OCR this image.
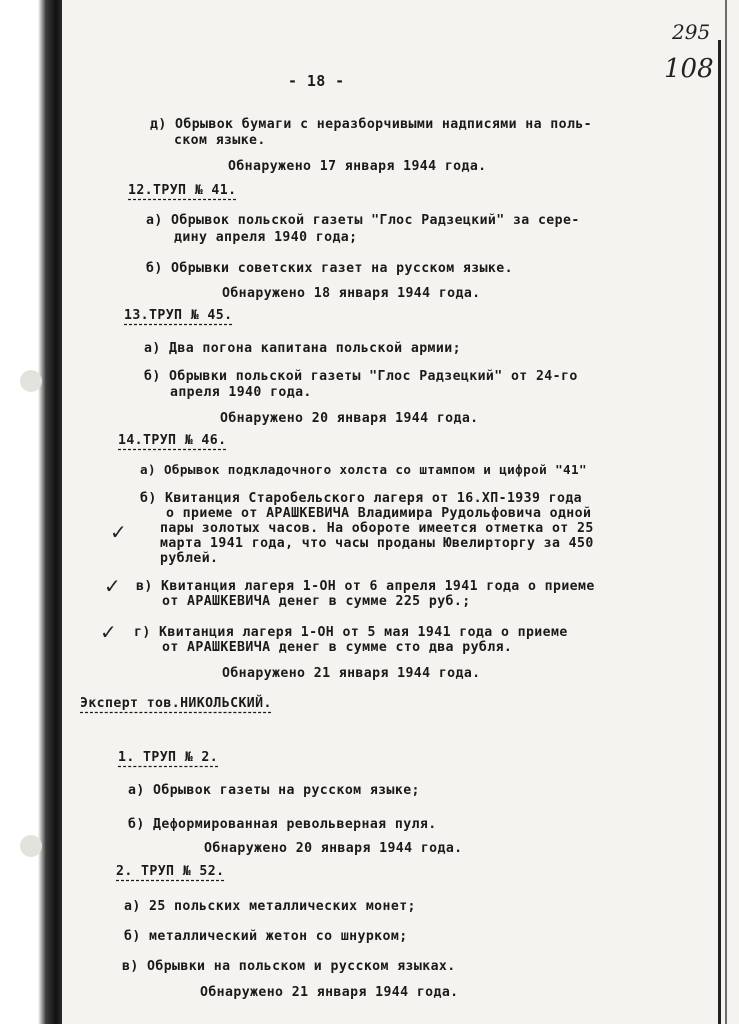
295
108
- 18 -
д) Обрывок бумаги с неразборчивыми надписями на поль-
ском языке.
Обнаружено 17 января 1944 года.
12.ТРУП № 41.
а) Обрывок польской газеты "Глос Радзецкий" за сере-
дину апреля 1940 года;
б) Обрывки советских газет на русском языке.
Обнаружено 18 января 1944 года.
13.ТРУП № 45.
а) Два погона капитана польской армии;
б) Обрывки польской газеты "Глос Радзецкий" от 24-го
апреля 1940 года.
Обнаружено 20 января 1944 года.
14.ТРУП № 46.
а) Обрывок подкладочного холста со штампом и цифрой "41"
б) Квитанция Старобельского лагеря от 16.ХП-1939 года
о приеме от АРАШКЕВИЧА Владимира Рудольфовича одной
пары золотых часов. На обороте имеется отметка от 25
марта 1941 года, что часы проданы Ювелирторгу за 450
рублей.
в) Квитанция лагеря 1-ОН от 6 апреля 1941 года о приеме
от АРАШКЕВИЧА денег в сумме 225 руб.;
г) Квитанция лагеря 1-ОН от 5 мая 1941 года о приеме
от АРАШКЕВИЧА денег в сумме сто два рубля.
Обнаружено 21 января 1944 года.
✓
✓
✓
Эксперт тов.НИКОЛЬСКИЙ.
1. ТРУП № 2.
а) Обрывок газеты на русском языке;
б) Деформированная револьверная пуля.
Обнаружено 20 января 1944 года.
2. ТРУП № 52.
а) 25 польских металлических монет;
б) металлический жетон со шнурком;
в) Обрывки на польском и русском языках.
Обнаружено 21 января 1944 года.
